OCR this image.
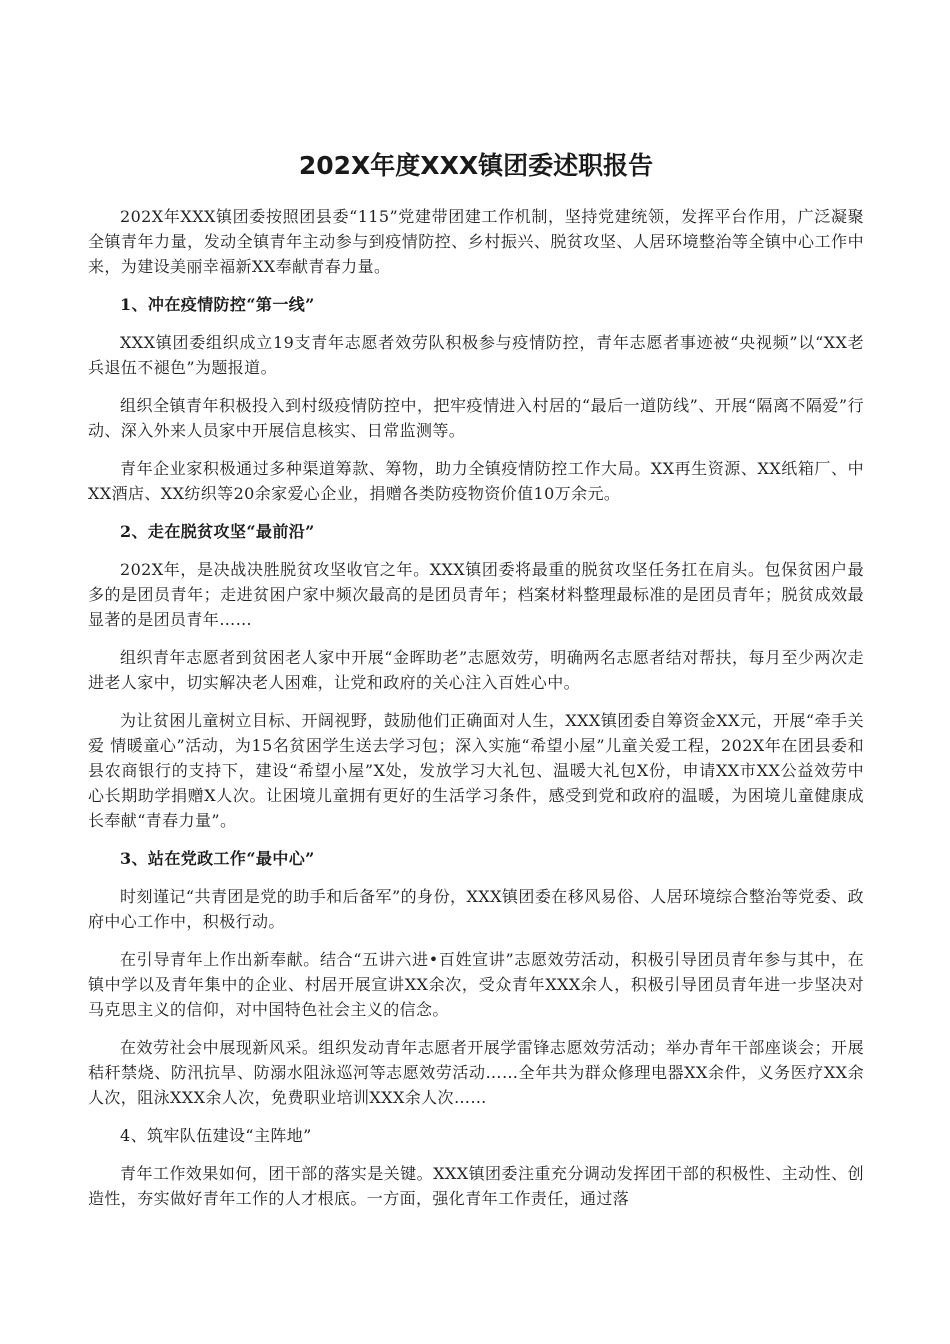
202X年度XXX镇团委述职报告

202X年XXX镇团委按照团县委“115”党建带团建工作机制，坚持党建统领，发挥平台作用，广泛凝聚全镇青年力量，发动全镇青年主动参与到疫情防控、乡村振兴、脱贫攻坚、人居环境整治等全镇中心工作中来，为建设美丽幸福新XX奉献青春力量。

1、冲在疫情防控“第一线”

XXX镇团委组织成立19支青年志愿者效劳队积极参与疫情防控，青年志愿者事迹被“央视频”以“XX老兵退伍不褪色”为题报道。

组织全镇青年积极投入到村级疫情防控中，把牢疫情进入村居的“最后一道防线”、开展“隔离不隔爱”行动、深入外来人员家中开展信息核实、日常监测等。

青年企业家积极通过多种渠道筹款、筹物，助力全镇疫情防控工作大局。XX再生资源、XX纸箱厂、中XX酒店、XX纺织等20余家爱心企业，捐赠各类防疫物资价值10万余元。

2、走在脱贫攻坚“最前沿”

202X年，是决战决胜脱贫攻坚收官之年。XXX镇团委将最重的脱贫攻坚任务扛在肩头。包保贫困户最多的是团员青年；走进贫困户家中频次最高的是团员青年；档案材料整理最标准的是团员青年；脱贫成效最显著的是团员青年……

组织青年志愿者到贫困老人家中开展“金晖助老”志愿效劳，明确两名志愿者结对帮扶，每月至少两次走进老人家中，切实解决老人困难，让党和政府的关心注入百姓心中。

为让贫困儿童树立目标、开阔视野，鼓励他们正确面对人生，XXX镇团委自筹资金XX元，开展“牵手关爱 情暖童心”活动，为15名贫困学生送去学习包；深入实施“希望小屋”儿童关爱工程，202X年在团县委和县农商银行的支持下，建设“希望小屋”X处，发放学习大礼包、温暖大礼包X份，申请XX市XX公益效劳中心长期助学捐赠X人次。让困境儿童拥有更好的生活学习条件，感受到党和政府的温暖，为困境儿童健康成长奉献“青春力量”。

3、站在党政工作“最中心”

时刻谨记“共青团是党的助手和后备军”的身份，XXX镇团委在移风易俗、人居环境综合整治等党委、政府中心工作中，积极行动。

在引导青年上作出新奉献。结合“五讲六进•百姓宣讲”志愿效劳活动，积极引导团员青年参与其中，在镇中学以及青年集中的企业、村居开展宣讲XX余次，受众青年XXX余人，积极引导团员青年进一步坚决对马克思主义的信仰，对中国特色社会主义的信念。

在效劳社会中展现新风采。组织发动青年志愿者开展学雷锋志愿效劳活动；举办青年干部座谈会；开展秸秆禁烧、防汛抗旱、防溺水阻泳巡河等志愿效劳活动……全年共为群众修理电器XX余件，义务医疗XX余人次，阻泳XXX余人次，免费职业培训XXX余人次……

4、筑牢队伍建设“主阵地”

青年工作效果如何，团干部的落实是关键。XXX镇团委注重充分调动发挥团干部的积极性、主动性、创造性，夯实做好青年工作的人才根底。一方面，强化青年工作责任，通过落
